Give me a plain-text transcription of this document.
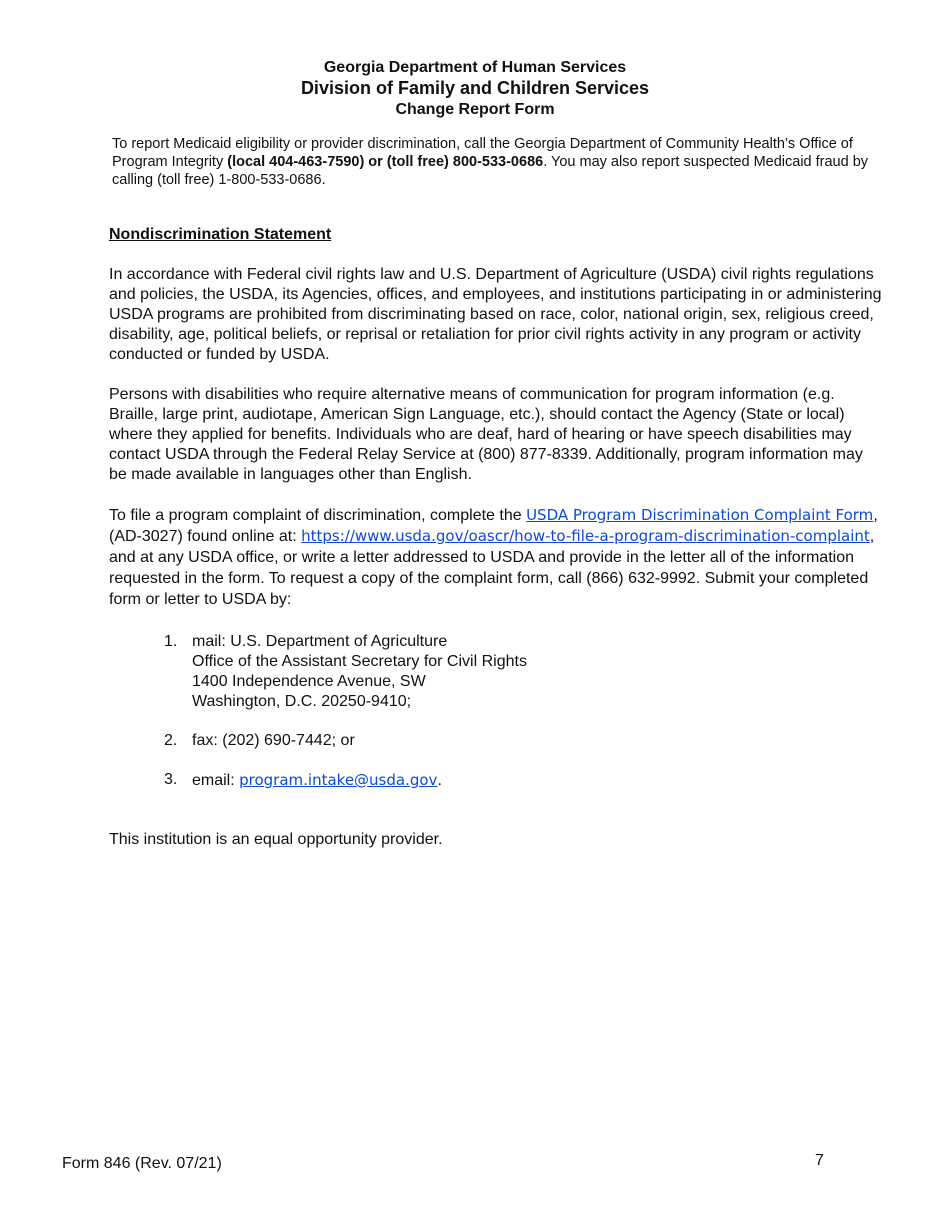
Georgia Department of Human Services
Division of Family and Children Services
Change Report Form
To report Medicaid eligibility or provider discrimination, call the Georgia Department of Community Health’s Office of Program Integrity (local 404-463-7590) or (toll free) 800-533-0686. You may also report suspected Medicaid fraud by calling (toll free) 1-800-533-0686.
Nondiscrimination Statement
In accordance with Federal civil rights law and U.S. Department of Agriculture (USDA) civil rights regulations and policies, the USDA, its Agencies, offices, and employees, and institutions participating in or administering USDA programs are prohibited from discriminating based on race, color, national origin, sex, religious creed, disability, age, political beliefs, or reprisal or retaliation for prior civil rights activity in any program or activity conducted or funded by USDA.
Persons with disabilities who require alternative means of communication for program information (e.g. Braille, large print, audiotape, American Sign Language, etc.), should contact the Agency (State or local) where they applied for benefits. Individuals who are deaf, hard of hearing or have speech disabilities may contact USDA through the Federal Relay Service at (800) 877-8339. Additionally, program information may be made available in languages other than English.
To file a program complaint of discrimination, complete the USDA Program Discrimination Complaint Form, (AD-3027) found online at: https://www.usda.gov/oascr/how-to-file-a-program-discrimination-complaint, and at any USDA office, or write a letter addressed to USDA and provide in the letter all of the information requested in the form. To request a copy of the complaint form, call (866) 632-9992. Submit your completed form or letter to USDA by:
1. mail: U.S. Department of Agriculture
Office of the Assistant Secretary for Civil Rights
1400 Independence Avenue, SW
Washington, D.C. 20250-9410;
2. fax: (202) 690-7442; or
3. email: program.intake@usda.gov.
This institution is an equal opportunity provider.
Form 846 (Rev. 07/21)	7
